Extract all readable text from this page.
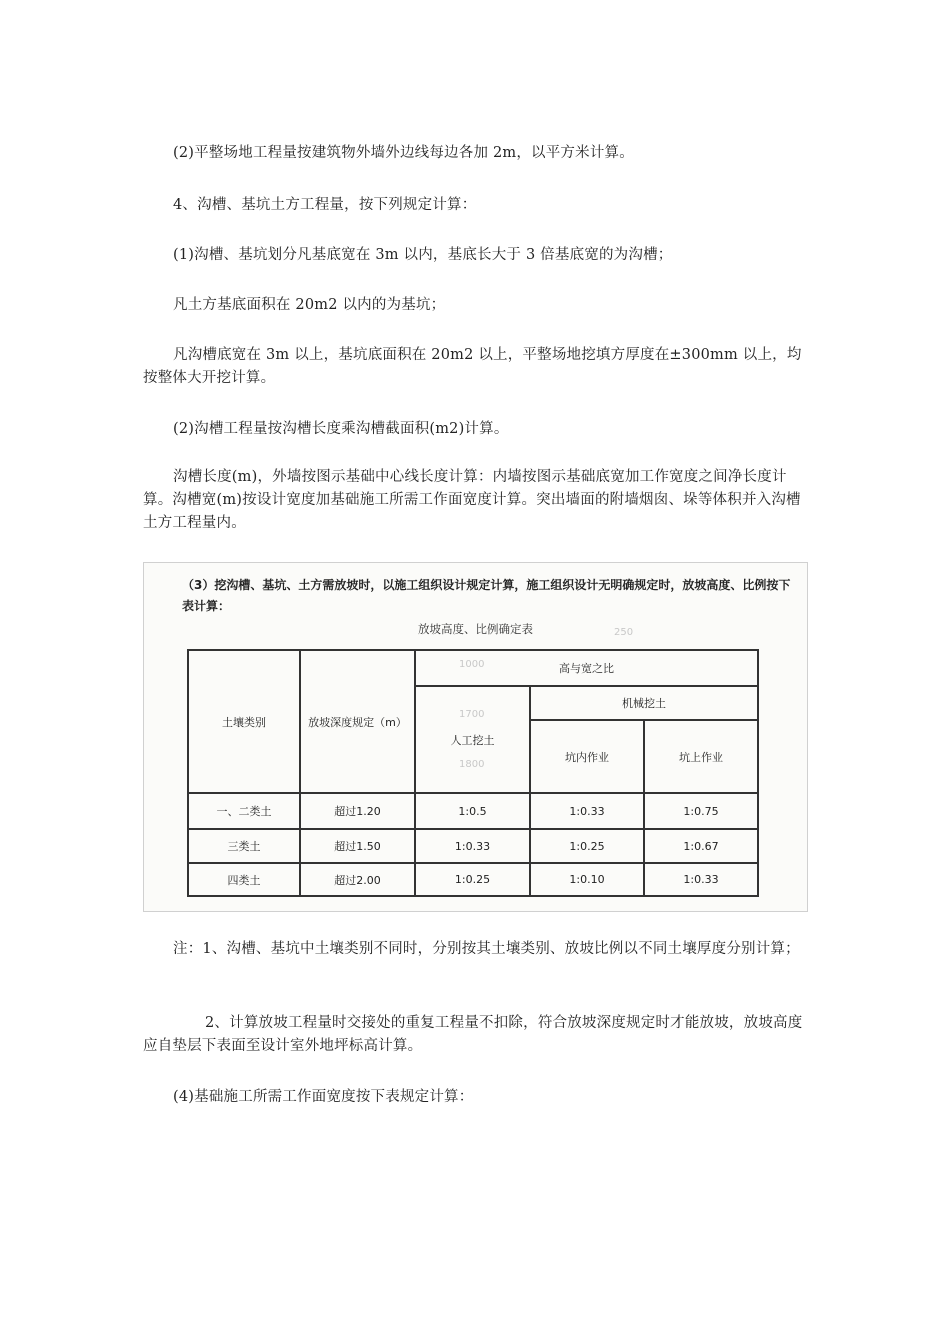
(2)平整场地工程量按建筑物外墙外边线每边各加 2m，以平方米计算。

4、沟槽、基坑土方工程量，按下列规定计算：

(1)沟槽、基坑划分凡基底宽在 3m 以内，基底长大于 3 倍基底宽的为沟槽；

凡土方基底面积在 20m2 以内的为基坑；

凡沟槽底宽在 3m 以上，基坑底面积在 20m2 以上，平整场地挖填方厚度在±300mm 以上，均按整体大开挖计算。

(2)沟槽工程量按沟槽长度乘沟槽截面积(m2)计算。

沟槽长度(m)，外墙按图示基础中心线长度计算：内墙按图示基础底宽加工作宽度之间净长度计算。沟槽宽(m)按设计宽度加基础施工所需工作面宽度计算。突出墙面的附墙烟囱、垛等体积并入沟槽土方工程量内。

1000
1700
1800
250

（3）挖沟槽、基坑、土方需放坡时，以施工组织设计规定计算，施工组织设计无明确规定时，放坡高度、比例按下表计算：

放坡高度、比例确定表
土壤类别	放坡深度规定（m）	高与宽之比		
		人工挖土	机械挖土	
			坑内作业	坑上作业
一、二类土	超过1.20	1:0.5	1:0.33	1:0.75
三类土	超过1.50	1:0.33	1:0.25	1:0.67
四类土	超过2.00	1:0.25	1:0.10	1:0.33

注：1、沟槽、基坑中土壤类别不同时，分别按其土壤类别、放坡比例以不同土壤厚度分别计算；

2、计算放坡工程量时交接处的重复工程量不扣除，符合放坡深度规定时才能放坡，放坡高度应自垫层下表面至设计室外地坪标高计算。

(4)基础施工所需工作面宽度按下表规定计算：
